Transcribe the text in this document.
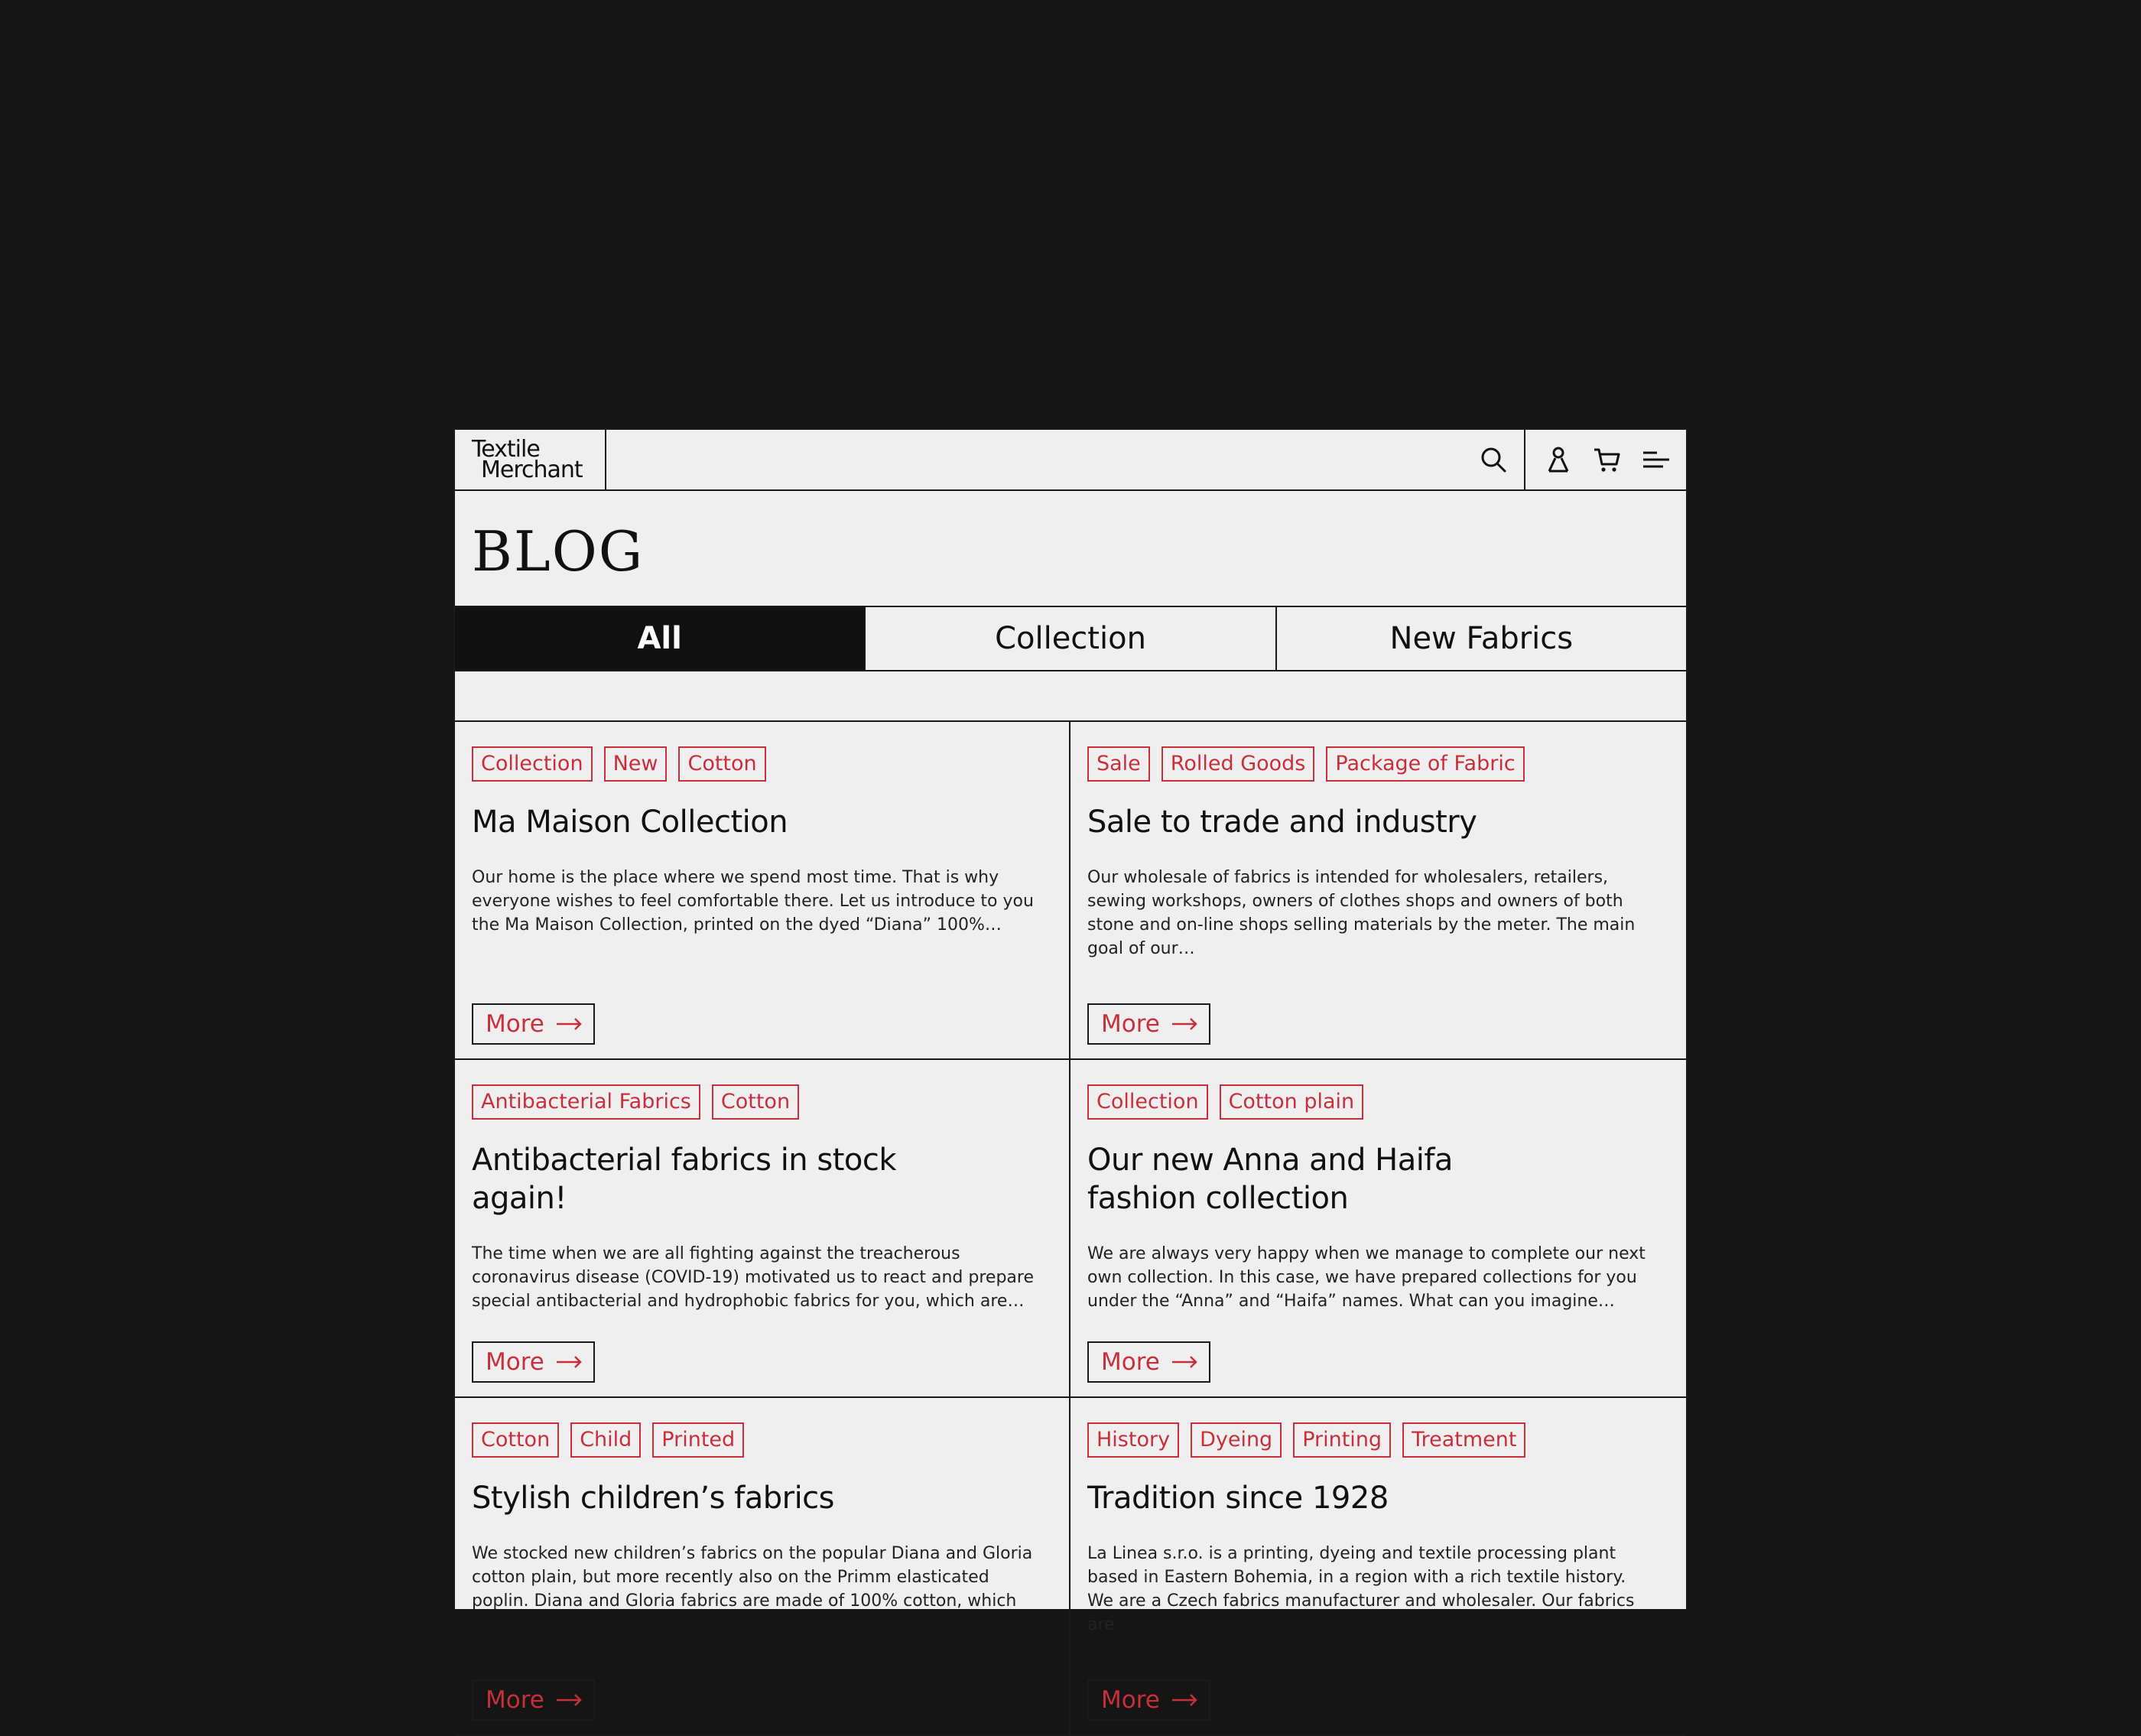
Textile
Merchant
BLOG
All	Collection	New Fabrics
Collection	New	Cotton
Ma Maison Collection
Our home is the place where we spend most time. That is why everyone wishes to feel comfortable there. Let us introduce to you the Ma Maison Collection, printed on the dyed “Diana” 100%…
More
Sale	Rolled Goods	Package of Fabric
Sale to trade and industry
Our wholesale of fabrics is intended for wholesalers, retailers, sewing workshops, owners of clothes shops and owners of both stone and on-line shops selling materials by the meter. The main goal of our…
More
Antibacterial Fabrics	Cotton
Antibacterial fabrics in stock again!
The time when we are all fighting against the treacherous coronavirus disease (COVID-19) motivated us to react and prepare special antibacterial and hydrophobic fabrics for you, which are…
More
Collection	Cotton plain
Our new Anna and Haifa fashion collection
We are always very happy when we manage to complete our next own collection. In this case, we have prepared collections for you under the “Anna” and “Haifa” names. What can you imagine…
More
Cotton	Child	Printed
Stylish children’s fabrics
We stocked new children’s fabrics on the popular Diana and Gloria cotton plain, but more recently also on the Primm elasticated poplin. Diana and Gloria fabrics are made of 100% cotton, which
More
History	Dyeing	Printing	Treatment
Tradition since 1928
La Linea s.r.o. is a printing, dyeing and textile processing plant based in Eastern Bohemia, in a region with a rich textile history. We are a Czech fabrics manufacturer and wholesaler. Our fabrics are
More
